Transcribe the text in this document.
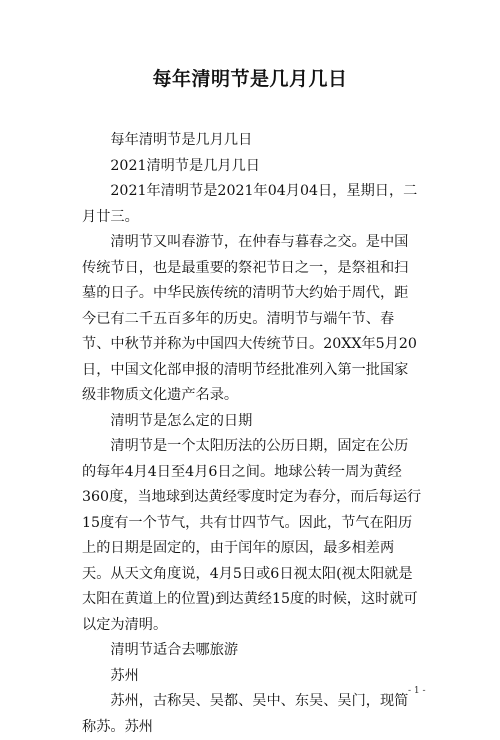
每年清明节是几月几日

每年清明节是几月几日

2021清明节是几月几日

2021年清明节是2021年04月04日，星期日，二月廿三。

清明节又叫春游节，在仲春与暮春之交。是中国传统节日，也是最重要的祭祀节日之一，是祭祖和扫墓的日子。中华民族传统的清明节大约始于周代，距今已有二千五百多年的历史。清明节与端午节、春节、中秋节并称为中国四大传统节日。20XX年5月20日，中国文化部申报的清明节经批准列入第一批国家级非物质文化遗产名录。

清明节是怎么定的日期

清明节是一个太阳历法的公历日期，固定在公历的每年4月4日至4月6日之间。地球公转一周为黄经360度，当地球到达黄经零度时定为春分，而后每运行15度有一个节气，共有廿四节气。因此，节气在阳历上的日期是固定的，由于闰年的原因，最多相差两天。从天文角度说，4月5日或6日视太阳(视太阳就是太阳在黄道上的位置)到达黄经15度的时候，这时就可以定为清明。

清明节适合去哪旅游

苏州

苏州，古称吴、吴都、吴中、东吴、吴门，现简称苏。苏州

- 1 -
